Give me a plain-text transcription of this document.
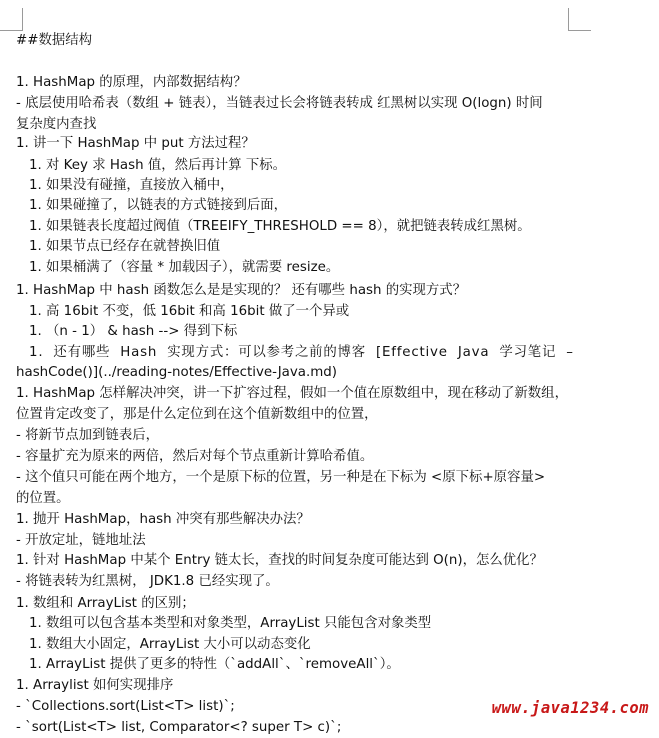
##数据结构
1. HashMap 的原理，内部数据结构？
- 底层使用哈希表（数组 + 链表），当链表过长会将链表转成 红黑树以实现 O(logn) 时间
复杂度内查找
1. 讲一下 HashMap 中 put 方法过程？
1. 对 Key 求 Hash 值，然后再计算 下标。
1. 如果没有碰撞，直接放入桶中，
1. 如果碰撞了，以链表的方式链接到后面，
1. 如果链表长度超过阀值（TREEIFY_THRESHOLD == 8），就把链表转成红黑树。
1. 如果节点已经存在就替换旧值
1. 如果桶满了（容量 * 加载因子），就需要 resize。
1. HashMap 中 hash 函数怎么是是实现的？ 还有哪些 hash 的实现方式？
1. 高 16bit 不变，低 16bit 和高 16bit 做了一个异或
1. （n - 1） & hash --> 得到下标
1. 还有哪些 Hash 实现方式：可以参考之前的博客 [Effective Java 学习笔记 –
hashCode()](../reading-notes/Effective-Java.md)
1. HashMap 怎样解决冲突，讲一下扩容过程，假如一个值在原数组中，现在移动了新数组，
位置肯定改变了，那是什么定位到在这个值新数组中的位置，
- 将新节点加到链表后，
- 容量扩充为原来的两倍，然后对每个节点重新计算哈希值。
- 这个值只可能在两个地方，一个是原下标的位置，另一种是在下标为 <原下标+原容量>
的位置。
1. 抛开 HashMap，hash 冲突有那些解决办法？
- 开放定址，链地址法
1. 针对 HashMap 中某个 Entry 链太长，查找的时间复杂度可能达到 O(n)，怎么优化？
- 将链表转为红黑树， JDK1.8 已经实现了。
1. 数组和 ArrayList 的区别；
1. 数组可以包含基本类型和对象类型，ArrayList 只能包含对象类型
1. 数组大小固定，ArrayList 大小可以动态变化
1. ArrayList 提供了更多的特性（`addAll`、`removeAll`）。
1. Arraylist 如何实现排序
- `Collections.sort(List<T> list)`;
- `sort(List<T> list, Comparator<? super T> c)`;
www.java1234.com
